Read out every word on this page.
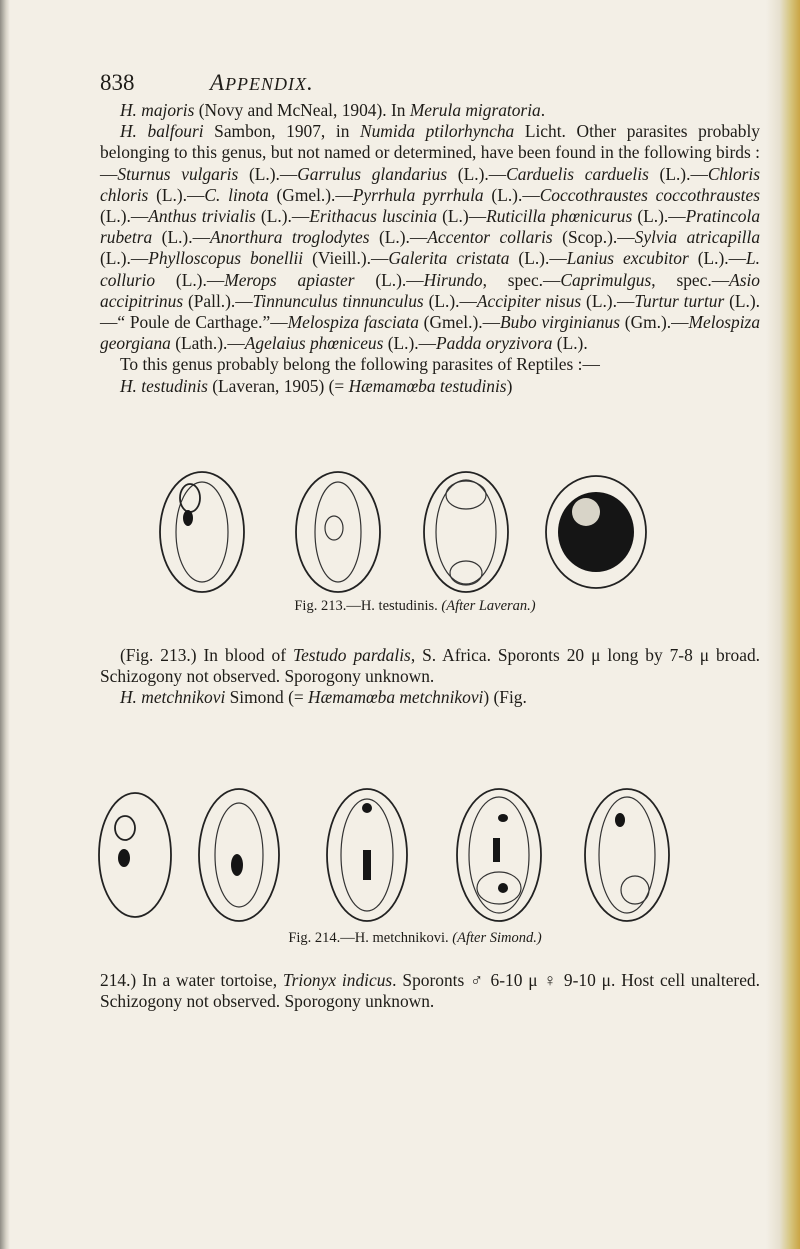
838	APPENDIX.

H. majoris (Novy and McNeal, 1904). In Merula migratoria.

H. balfouri Sambon, 1907, in Numida ptilorhyncha Licht. Other parasites probably belonging to this genus, but not named or determined, have been found in the following birds :—Sturnus vulgaris (L.).—Garrulus glandarius (L.).—Carduelis carduelis (L.).—Chloris chloris (L.).—C. linota (Gmel.).—Pyrrhula pyrrhula (L.).—Coccothraustes coccothraustes (L.).—Anthus trivialis (L.).—Erithacus luscinia (L.)—Ruticilla phœnicurus (L.).—Pratincola rubetra (L.).—Anorthura troglodytes (L.).—Accentor collaris (Scop.).—Sylvia atricapilla (L.).—Phylloscopus bonellii (Vieill.).—Galerita cristata (L.).—Lanius excubitor (L.).—L. collurio (L.).—Merops apiaster (L.).—Hirundo, spec.—Caprimulgus, spec.—Asio accipitrinus (Pall.).—Tinnunculus tinnunculus (L.).—Accipiter nisus (L.).—Turtur turtur (L.).—“ Poule de Carthage.”—Melospiza fasciata (Gmel.).—Bubo virginianus (Gm.).—Melospiza georgiana (Lath.).—Agelaius phœniceus (L.).—Padda oryzivora (L.).

To this genus probably belong the following parasites of Reptiles :—

H. testudinis (Laveran, 1905) (= Hæmamœba testudinis)

Fig. 213.—H. testudinis. (After Laveran.)

(Fig. 213.) In blood of Testudo pardalis, S. Africa. Sporonts 20 μ long by 7-8 μ broad. Schizogony not observed. Sporogony unknown.

H. metchnikovi Simond (= Hæmamœba metchnikovi) (Fig.

Fig. 214.—H. metchnikovi. (After Simond.)

214.) In a water tortoise, Trionyx indicus. Sporonts ♂ 6-10 μ ♀ 9-10 μ. Host cell unaltered. Schizogony not observed. Sporogony unknown.
